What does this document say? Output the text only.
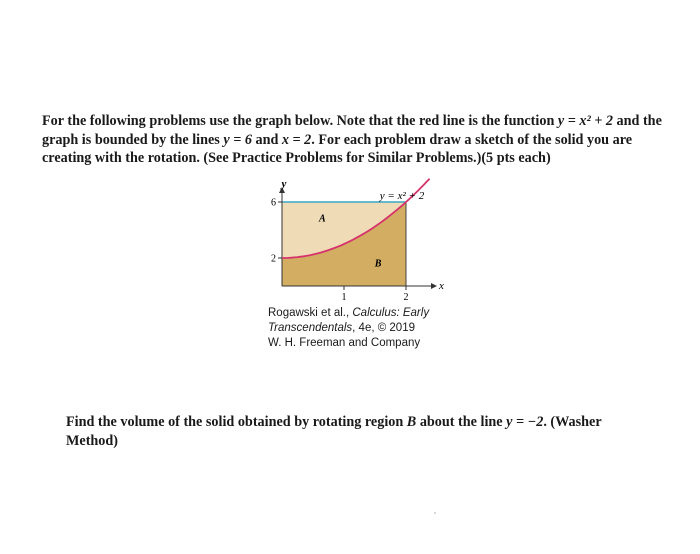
For the following problems use the graph below. Note that the red line is the function y = x² + 2 and the graph is bounded by the lines y = 6 and x = 2. For each problem draw a sketch of the solid you are creating with the rotation. (See Practice Problems for Similar Problems.)(5 pts each)

y
x
y = x² + 2
6
2
1	2
A
B

Rogawski et al., Calculus: Early
Transcendentals, 4e, © 2019
W. H. Freeman and Company

Find the volume of the solid obtained by rotating region B about the line y = −2. (Washer Method)
